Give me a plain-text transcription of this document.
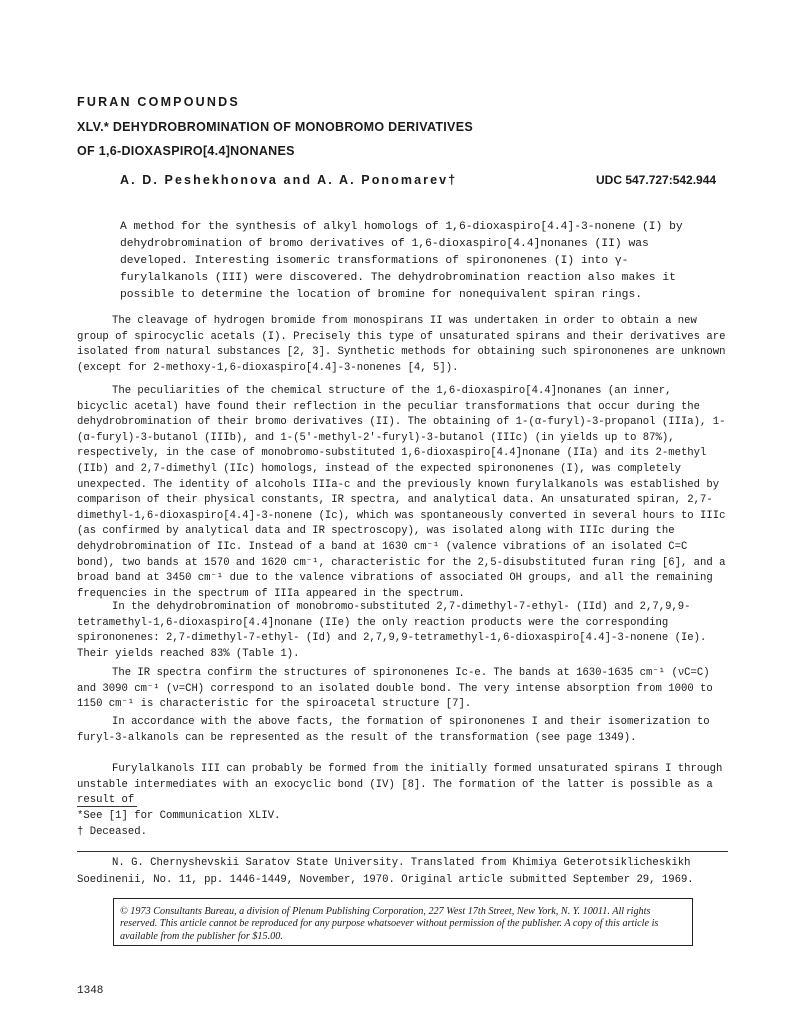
FURAN COMPOUNDS
XLV.* DEHYDROBROMINATION OF MONOBROMO DERIVATIVES
OF 1,6-DIOXASPIRO[4.4]NONANES
A. D. Peshekhonova and A. A. Ponomarev†	UDC 547.727:542.944

A method for the synthesis of alkyl homologs of 1,6-dioxaspiro[4.4]-3-nonene (I) by dehydrobromination of bromo derivatives of 1,6-dioxaspiro[4.4]nonanes (II) was developed. Interesting isomeric transformations of spirononenes (I) into γ-furylalkanols (III) were discovered. The dehydrobromination reaction also makes it possible to determine the location of bromine for nonequivalent spiran rings.

The cleavage of hydrogen bromide from monospirans II was undertaken in order to obtain a new group of spirocyclic acetals (I). Precisely this type of unsaturated spirans and their derivatives are isolated from natural substances [2, 3]. Synthetic methods for obtaining such spirononenes are unknown (except for 2-methoxy-1,6-dioxaspiro[4.4]-3-nonenes [4, 5]).

The peculiarities of the chemical structure of the 1,6-dioxaspiro[4.4]nonanes (an inner, bicyclic acetal) have found their reflection in the peculiar transformations that occur during the dehydrobromination of their bromo derivatives (II). The obtaining of 1-(α-furyl)-3-propanol (IIIa), 1-(α-furyl)-3-butanol (IIIb), and 1-(5'-methyl-2'-furyl)-3-butanol (IIIc) (in yields up to 87%), respectively, in the case of monobromo-substituted 1,6-dioxaspiro[4.4]nonane (IIa) and its 2-methyl (IIb) and 2,7-dimethyl (IIc) homologs, instead of the expected spirononenes (I), was completely unexpected. The identity of alcohols IIIa-c and the previously known furylalkanols was established by comparison of their physical constants, IR spectra, and analytical data. An unsaturated spiran, 2,7-dimethyl-1,6-dioxaspiro[4.4]-3-nonene (Ic), which was spontaneously converted in several hours to IIIc (as confirmed by analytical data and IR spectroscopy), was isolated along with IIIc during the dehydrobromination of IIc. Instead of a band at 1630 cm⁻¹ (valence vibrations of an isolated C=C bond), two bands at 1570 and 1620 cm⁻¹, characteristic for the 2,5-disubstituted furan ring [6], and a broad band at 3450 cm⁻¹ due to the valence vibrations of associated OH groups, and all the remaining frequencies in the spectrum of IIIa appeared in the spectrum.

In the dehydrobromination of monobromo-substituted 2,7-dimethyl-7-ethyl- (IId) and 2,7,9,9-tetramethyl-1,6-dioxaspiro[4.4]nonane (IIe) the only reaction products were the corresponding spirononenes: 2,7-dimethyl-7-ethyl- (Id) and 2,7,9,9-tetramethyl-1,6-dioxaspiro[4.4]-3-nonene (Ie). Their yields reached 83% (Table 1).

The IR spectra confirm the structures of spirononenes Ic-e. The bands at 1630-1635 cm⁻¹ (νC=C) and 3090 cm⁻¹ (ν=CH) correspond to an isolated double bond. The very intense absorption from 1000 to 1150 cm⁻¹ is characteristic for the spiroacetal structure [7].

In accordance with the above facts, the formation of spirononenes I and their isomerization to furyl-3-alkanols can be represented as the result of the transformation (see page 1349).

Furylalkanols III can probably be formed from the initially formed unsaturated spirans I through unstable intermediates with an exocyclic bond (IV) [8]. The formation of the latter is possible as a result of

*See [1] for Communication XLIV.
† Deceased.

N. G. Chernyshevskii Saratov State University. Translated from Khimiya Geterotsiklicheskikh Soedinenii, No. 11, pp. 1446-1449, November, 1970. Original article submitted September 29, 1969.

© 1973 Consultants Bureau, a division of Plenum Publishing Corporation, 227 West 17th Street, New York, N. Y. 10011. All rights reserved. This article cannot be reproduced for any purpose whatsoever without permission of the publisher. A copy of this article is available from the publisher for $15.00.

1348
